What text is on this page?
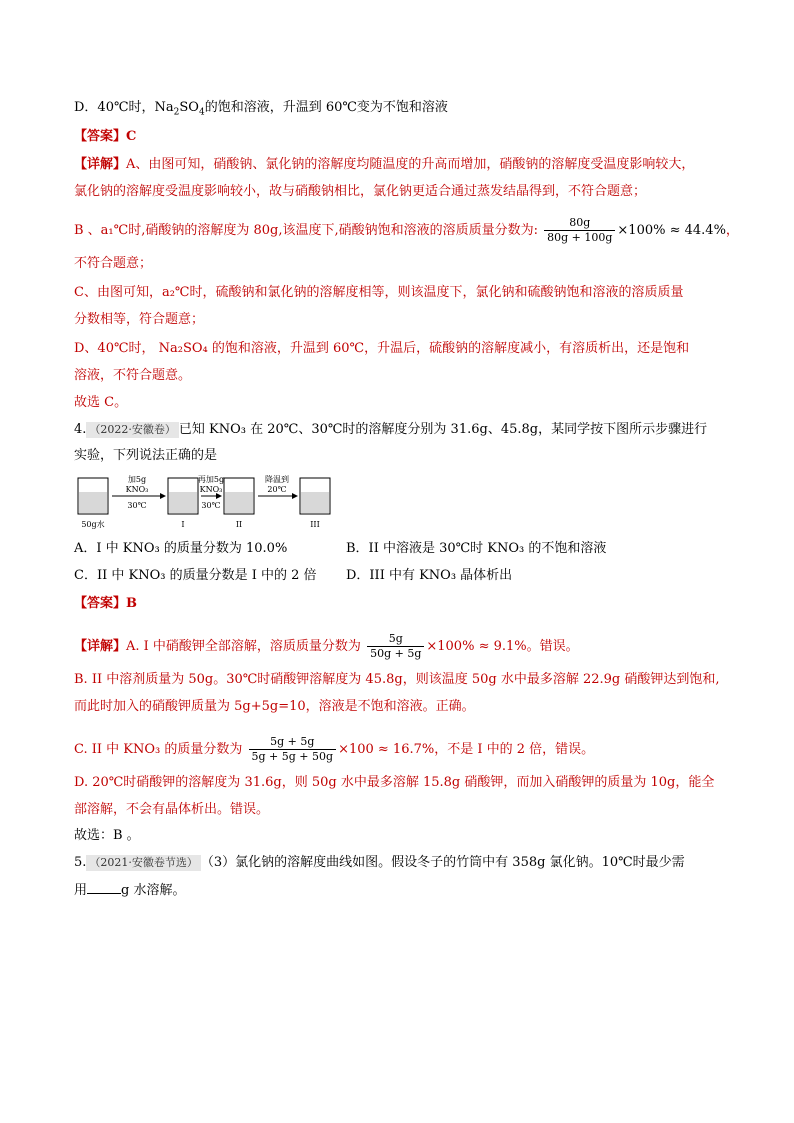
D．40℃时，$Na_2SO_4$的饱和溶液，升温到 60℃变为不饱和溶液
【答案】C
【详解】A、由图可知，硝酸钠、氯化钠的溶解度均随温度的升高而增加，硝酸钠的溶解度受温度影响较大，
氯化钠的溶解度受温度影响较小，故与硝酸钠相比，氯化钠更适合通过蒸发结晶得到，不符合题意；
B 、a₁℃时,硝酸钠的溶解度为 80g,该温度下,硝酸钠饱和溶液的溶质质量分数为: $\frac{80g}{80g + 100g} \times 100\% \approx 44.4\%$，
不符合题意；
C、由图可知，a₂℃时，硫酸钠和氯化钠的溶解度相等，则该温度下，氯化钠和硫酸钠饱和溶液的溶质质量
分数相等，符合题意；
D、40℃时， Na₂SO₄ 的饱和溶液，升温到 60℃，升温后，硫酸钠的溶解度减小，有溶质析出，还是饱和
溶液，不符合题意。
故选 C。
4. （2022·安徽卷） 已知 KNO₃ 在 20℃、30℃时的溶解度分别为 31.6g、45.8g，某同学按下图所示步骤进行
实验，下列说法正确的是
加5g
KNO₃
30℃
再加5g
KNO₃
30℃
降温到
20℃
50g水	I	II	III
A．I 中 KNO₃ 的质量分数为 10.0%	B．II 中溶液是 30℃时 KNO₃ 的不饱和溶液
C．II 中 KNO₃ 的质量分数是 I 中的 2 倍 D．III 中有 KNO₃ 晶体析出
【答案】B
【详解】A. I 中硝酸钾全部溶解，溶质质量分数为 $\frac{5g}{50g + 5g} \times 100\% \approx 9.1\%$。错误。
B. II 中溶剂质量为 50g。30℃时硝酸钾溶解度为 45.8g，则该温度 50g 水中最多溶解 22.9g 硝酸钾达到饱和,
而此时加入的硝酸钾质量为 5g+5g=10，溶液是不饱和溶液。正确。
C. II 中 KNO₃ 的质量分数为 $\frac{5g + 5g}{5g + 5g + 50g} \times 100 \approx 16.7\%$，不是 I 中的 2 倍，错误。
D. 20℃时硝酸钾的溶解度为 31.6g，则 50g 水中最多溶解 15.8g 硝酸钾，而加入硝酸钾的质量为 10g，能全
部溶解，不会有晶体析出。错误。
故选：B 。
5. （2021·安徽卷节选） （3）氯化钠的溶解度曲线如图。假设冬子的竹筒中有 358g 氯化钠。10℃时最少需
用	g 水溶解。
